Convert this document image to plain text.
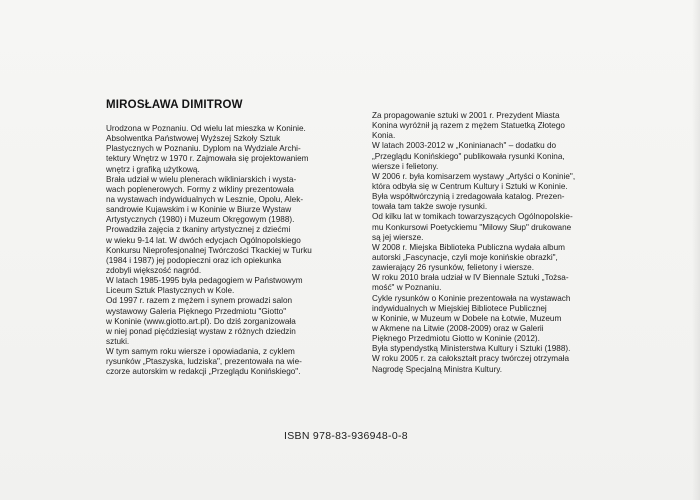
MIROSŁAWA DIMITROW
Urodzona w Poznaniu. Od wielu lat mieszka w Koninie.
Absolwentka Państwowej Wyższej Szkoły Sztuk
Plastycznych w Poznaniu. Dyplom na Wydziale Archi-
tektury Wnętrz w 1970 r. Zajmowała się projektowaniem
wnętrz i grafiką użytkową.
Brała udział w wielu plenerach wikliniarskich i wysta-
wach poplenerowych. Formy z wikliny prezentowała
na wystawach indywidualnych w Lesznie, Opolu, Alek-
sandrowie Kujawskim i w Koninie w Biurze Wystaw
Artystycznych (1980) i Muzeum Okręgowym (1988).
Prowadziła zajęcia z tkaniny artystycznej z dziećmi
w wieku 9-14 lat. W dwóch edycjach Ogólnopolskiego
Konkursu Nieprofesjonalnej Twórczości Tkackiej w Turku
(1984 i 1987) jej podopieczni oraz ich opiekunka
zdobyli większość nagród.
W latach 1985-1995 była pedagogiem w Państwowym
Liceum Sztuk Plastycznych w Kole.
Od 1997 r. razem z mężem i synem prowadzi salon
wystawowy Galeria Pięknego Przedmiotu "Giotto"
w Koninie (www.giotto.art.pl). Do dziś zorganizowała
w niej ponad pięćdziesiąt wystaw z różnych dziedzin
sztuki.
W tym samym roku wiersze i opowiadania, z cyklem
rysunków „Ptaszyska, ludziska", prezentowała na wie-
czorze autorskim w redakcji „Przeglądu Konińskiego".
Za propagowanie sztuki w 2001 r. Prezydent Miasta
Konina wyróżnił ją razem z mężem Statuetką Złotego
Konia.
W latach 2003-2012 w „Koninianach" – dodatku do
„Przeglądu Konińskiego" publikowała rysunki Konina,
wiersze i felietony.
W 2006 r. była komisarzem wystawy „Artyści o Koninie",
która odbyła się w Centrum Kultury i Sztuki w Koninie.
Była współtwórczynią i zredagowała katalog. Prezen-
towała tam także swoje rysunki.
Od kilku lat w tomikach towarzyszących Ogólnopolskie-
mu Konkursowi Poetyckiemu "Milowy Słup" drukowane
są jej wiersze.
W 2008 r. Miejska Biblioteka Publiczna wydała album
autorski „Fascynacje, czyli moje konińskie obrazki",
zawierający 26 rysunków, felietony i wiersze.
W roku 2010 brała udział w IV Biennale Sztuki „Tożsa-
mość" w Poznaniu.
Cykle rysunków o Koninie prezentowała na wystawach
indywidualnych w Miejskiej Bibliotece Publicznej
w Koninie, w Muzeum w Dobele na Łotwie, Muzeum
w Akmene na Litwie (2008-2009) oraz w Galerii
Pięknego Przedmiotu Giotto w Koninie (2012).
Była stypendystką Ministerstwa Kultury i Sztuki (1988).
W roku 2005 r. za całokształt pracy twórczej otrzymała
Nagrodę Specjalną Ministra Kultury.
ISBN 978-83-936948-0-8
